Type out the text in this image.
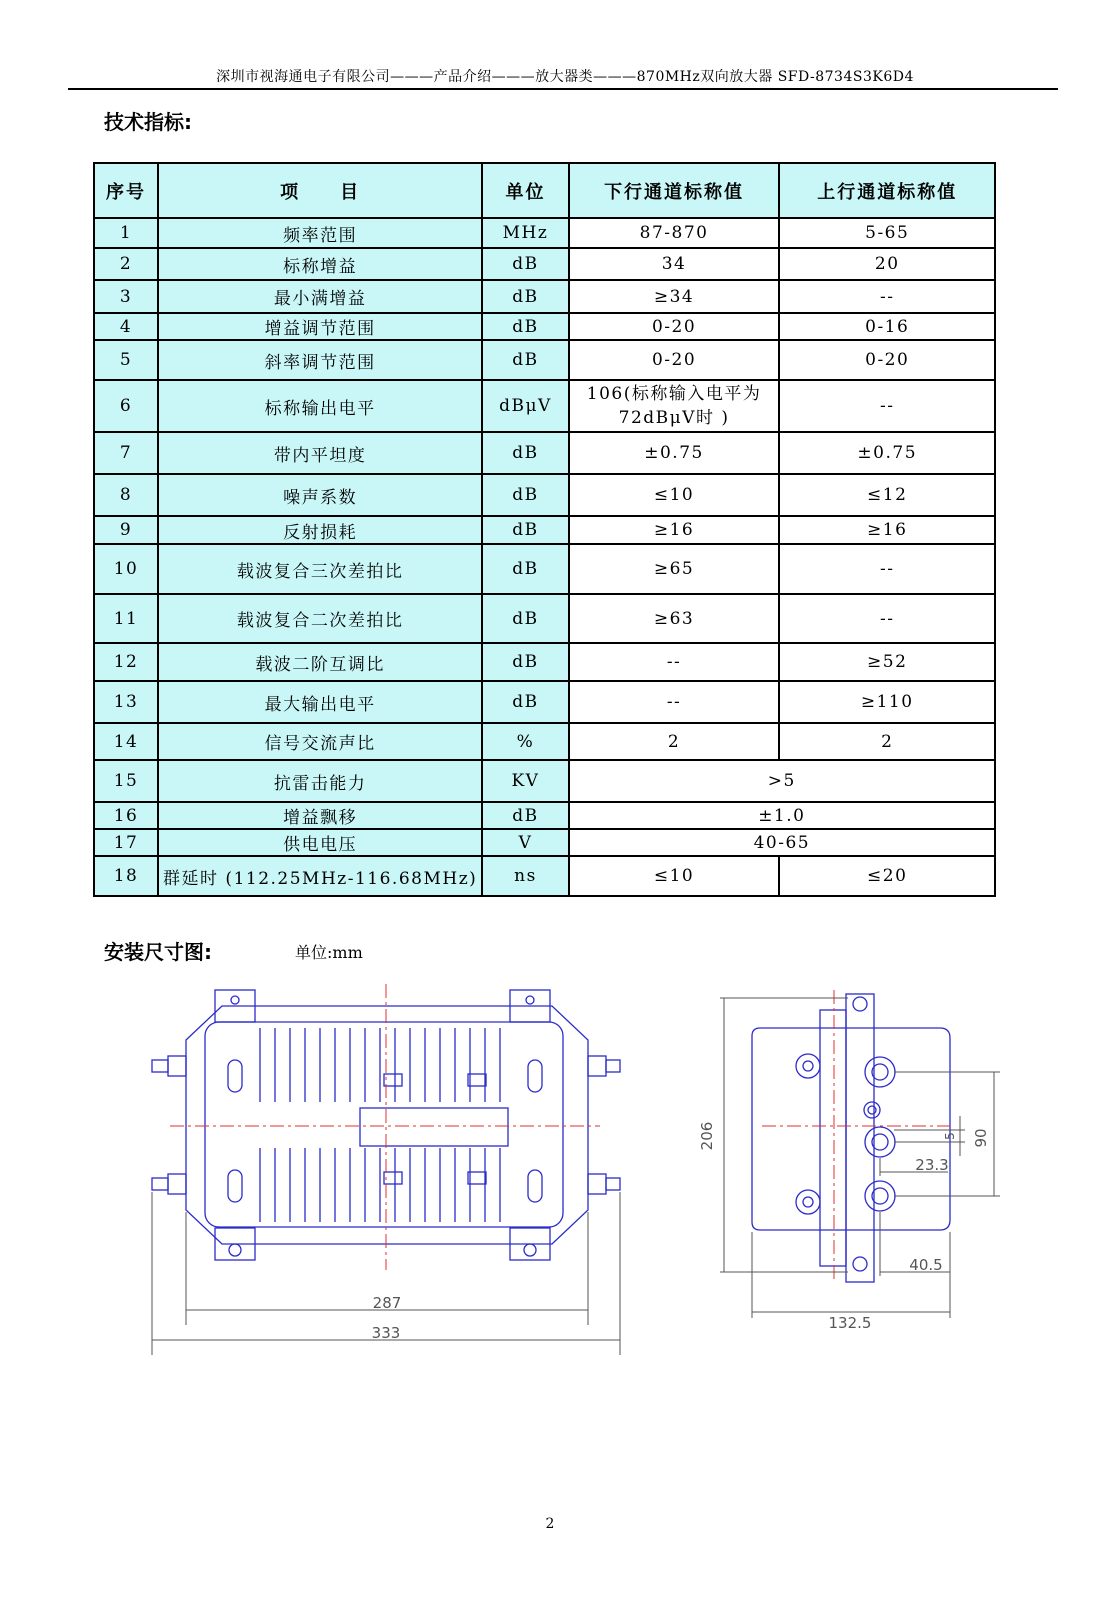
深圳市视海通电子有限公司———产品介绍———放大器类———870MHz双向放大器 SFD-8734S3K6D4
技术指标:
序号	项　　目	单位	下行通道标称值	上行通道标称值
1	频率范围	MHz	87-870	5-65
2	标称增益	dB	34	20
3	最小满增益	dB	≥34	--
4	增益调节范围	dB	0-20	0-16
5	斜率调节范围	dB	0-20	0-20
6	标称输出电平	dBμV	106(标称输入电平为72dBμV时 )	--
7	带内平坦度	dB	±0.75	±0.75
8	噪声系数	dB	≤10	≤12
9	反射损耗	dB	≥16	≥16
10	载波复合三次差拍比	dB	≥65	--
11	载波复合二次差拍比	dB	≥63	--
12	载波二阶互调比	dB	--	≥52
13	最大输出电平	dB	--	≥110
14	信号交流声比	%	2	2
15	抗雷击能力	KV	>5	
16	增益飘移	dB	±1.0	
17	供电电压	V	40-65	
18	群延时 (112.25MHz-116.68MHz)	ns	≤10	≤20
安装尺寸图:	单位:mm
287
333
206	90
5
23.3
40.5
132.5
2
